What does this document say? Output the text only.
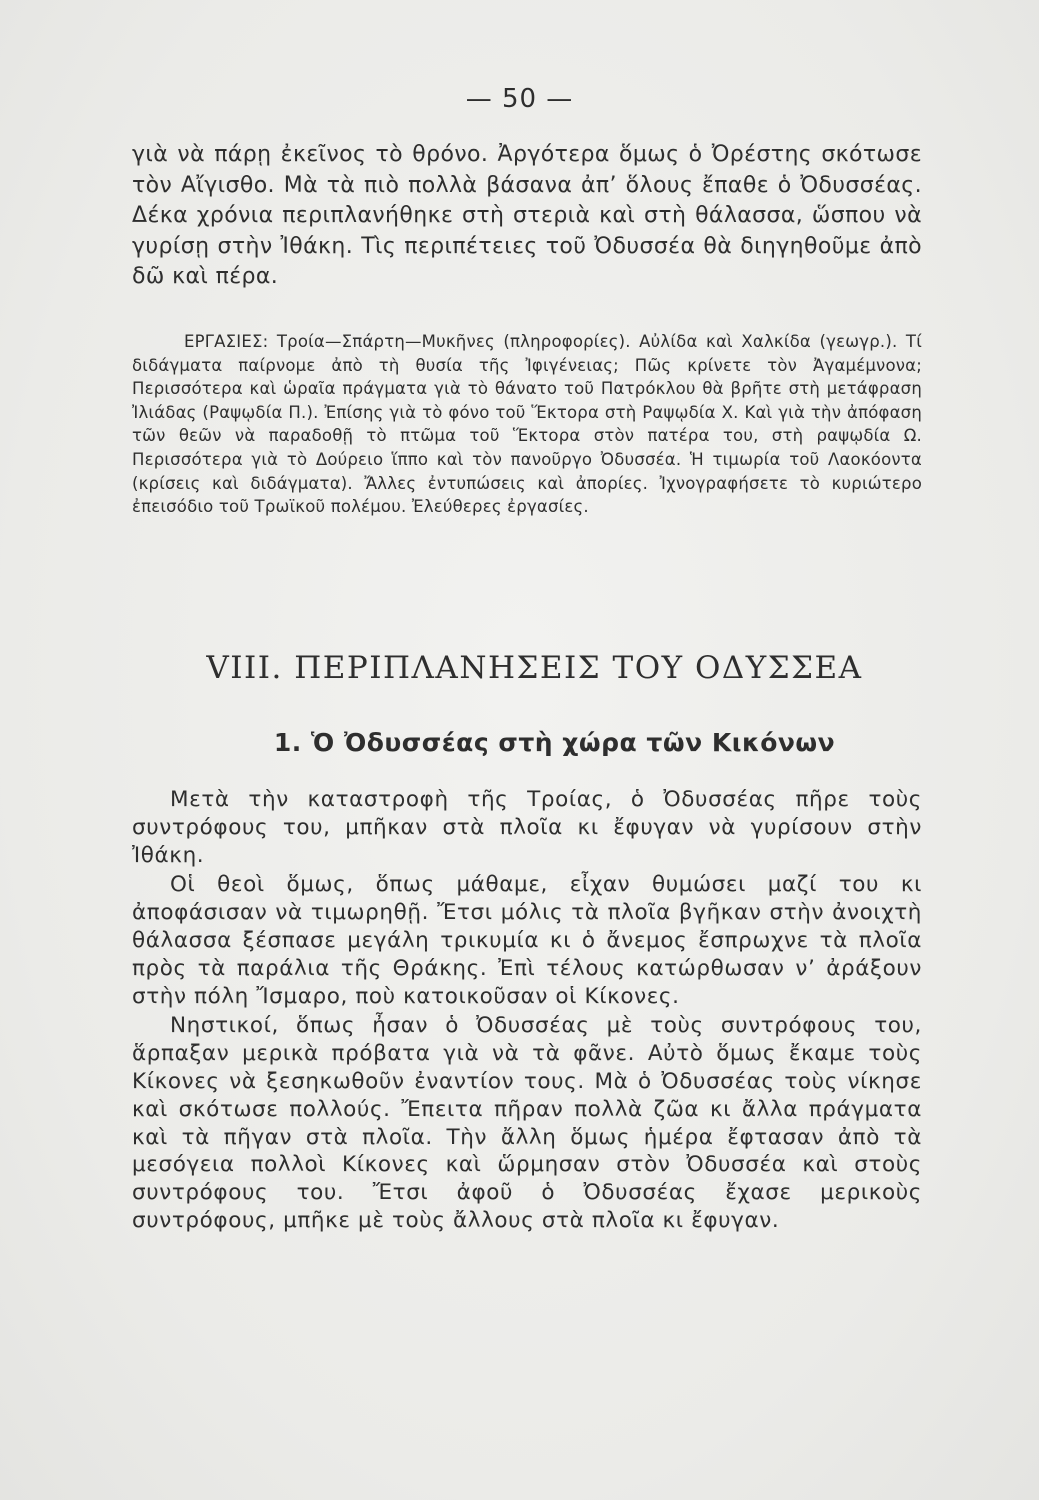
— 50 —
γιὰ νὰ πάρῃ ἐκεῖνος τὸ θρόνο. Ἀργότερα ὅμως ὁ Ὀρέστης σκότωσε τὸν Αἴγισθο. Μὰ τὰ πιὸ πολλὰ βάσανα ἀπ’ ὅλους ἔπαθε ὁ Ὀδυσσέας. Δέκα χρόνια περιπλανήθηκε στὴ στεριὰ καὶ στὴ θάλασσα, ὥσπου νὰ γυρίσῃ στὴν Ἰθάκη. Τὶς περιπέτειες τοῦ Ὀδυσσέα θὰ διηγηθοῦμε ἀπὸ δῶ καὶ πέρα.
ΕΡΓΑΣΙΕΣ: Τροία—Σπάρτη—Μυκῆνες (πληροφορίες). Αὐλίδα καὶ Χαλκίδα (γεωγρ.). Τί διδάγματα παίρνομε ἀπὸ τὴ θυσία τῆς Ἰφιγένειας; Πῶς κρίνετε τὸν Ἀγαμέμνονα; Περισσότερα καὶ ὡραῖα πράγματα γιὰ τὸ θάνατο τοῦ Πατρόκλου θὰ βρῆτε στὴ μετάφραση Ἰλιάδας (Ραψῳδία Π.). Ἐπίσης γιὰ τὸ φόνο τοῦ Ἕκτορα στὴ Ραψῳδία Χ. Καὶ γιὰ τὴν ἀπόφαση τῶν θεῶν νὰ παραδοθῇ τὸ πτῶμα τοῦ Ἕκτορα στὸν πατέρα του, στὴ ραψῳδία Ω. Περισσότερα γιὰ τὸ Δούρειο ἵππο καὶ τὸν πανοῦργο Ὀδυσσέα. Ἡ τιμωρία τοῦ Λαοκόοντα (κρίσεις καὶ διδάγματα). Ἄλλες ἐντυπώσεις καὶ ἀπορίες. Ἰχνογραφήσετε τὸ κυριώτερο ἐπεισόδιο τοῦ Τρωϊκοῦ πολέμου. Ἐλεύθερες ἐργασίες.
VIII. ΠΕΡΙΠΛΑΝΗΣΕΙΣ ΤΟΥ ΟΔΥΣΣΕΑ
1. Ὁ Ὀδυσσέας στὴ χώρα τῶν Κικόνων

Μετὰ τὴν καταστροφὴ τῆς Τροίας, ὁ Ὀδυσσέας πῆρε τοὺς συντρόφους του, μπῆκαν στὰ πλοῖα κι ἔφυγαν νὰ γυρίσουν στὴν Ἰθάκη.

Οἱ θεοὶ ὅμως, ὅπως μάθαμε, εἶχαν θυμώσει μαζί του κι ἀποφάσισαν νὰ τιμωρηθῇ. Ἔτσι μόλις τὰ πλοῖα βγῆκαν στὴν ἀνοιχτὴ θάλασσα ξέσπασε μεγάλη τρικυμία κι ὁ ἄνεμος ἔσπρωχνε τὰ πλοῖα πρὸς τὰ παράλια τῆς Θράκης. Ἐπὶ τέλους κατώρθωσαν ν’ ἀράξουν στὴν πόλη Ἴσμαρο, ποὺ κατοικοῦσαν οἱ Κίκονες.

Νηστικοί, ὅπως ἦσαν ὁ Ὀδυσσέας μὲ τοὺς συντρόφους του, ἅρπαξαν μερικὰ πρόβατα γιὰ νὰ τὰ φᾶνε. Αὐτὸ ὅμως ἔκαμε τοὺς Κίκονες νὰ ξεσηκωθοῦν ἐναντίον τους. Μὰ ὁ Ὀδυσσέας τοὺς νίκησε καὶ σκότωσε πολλούς. Ἔπειτα πῆραν πολλὰ ζῶα κι ἄλλα πράγματα καὶ τὰ πῆγαν στὰ πλοῖα. Τὴν ἄλλη ὅμως ἡμέρα ἔφτασαν ἀπὸ τὰ μεσόγεια πολλοὶ Κίκονες καὶ ὥρμησαν στὸν Ὀδυσσέα καὶ στοὺς συντρόφους του. Ἔτσι ἀφοῦ ὁ Ὀδυσσέας ἔχασε μερικοὺς συντρόφους, μπῆκε μὲ τοὺς ἄλλους στὰ πλοῖα κι ἔφυγαν.
